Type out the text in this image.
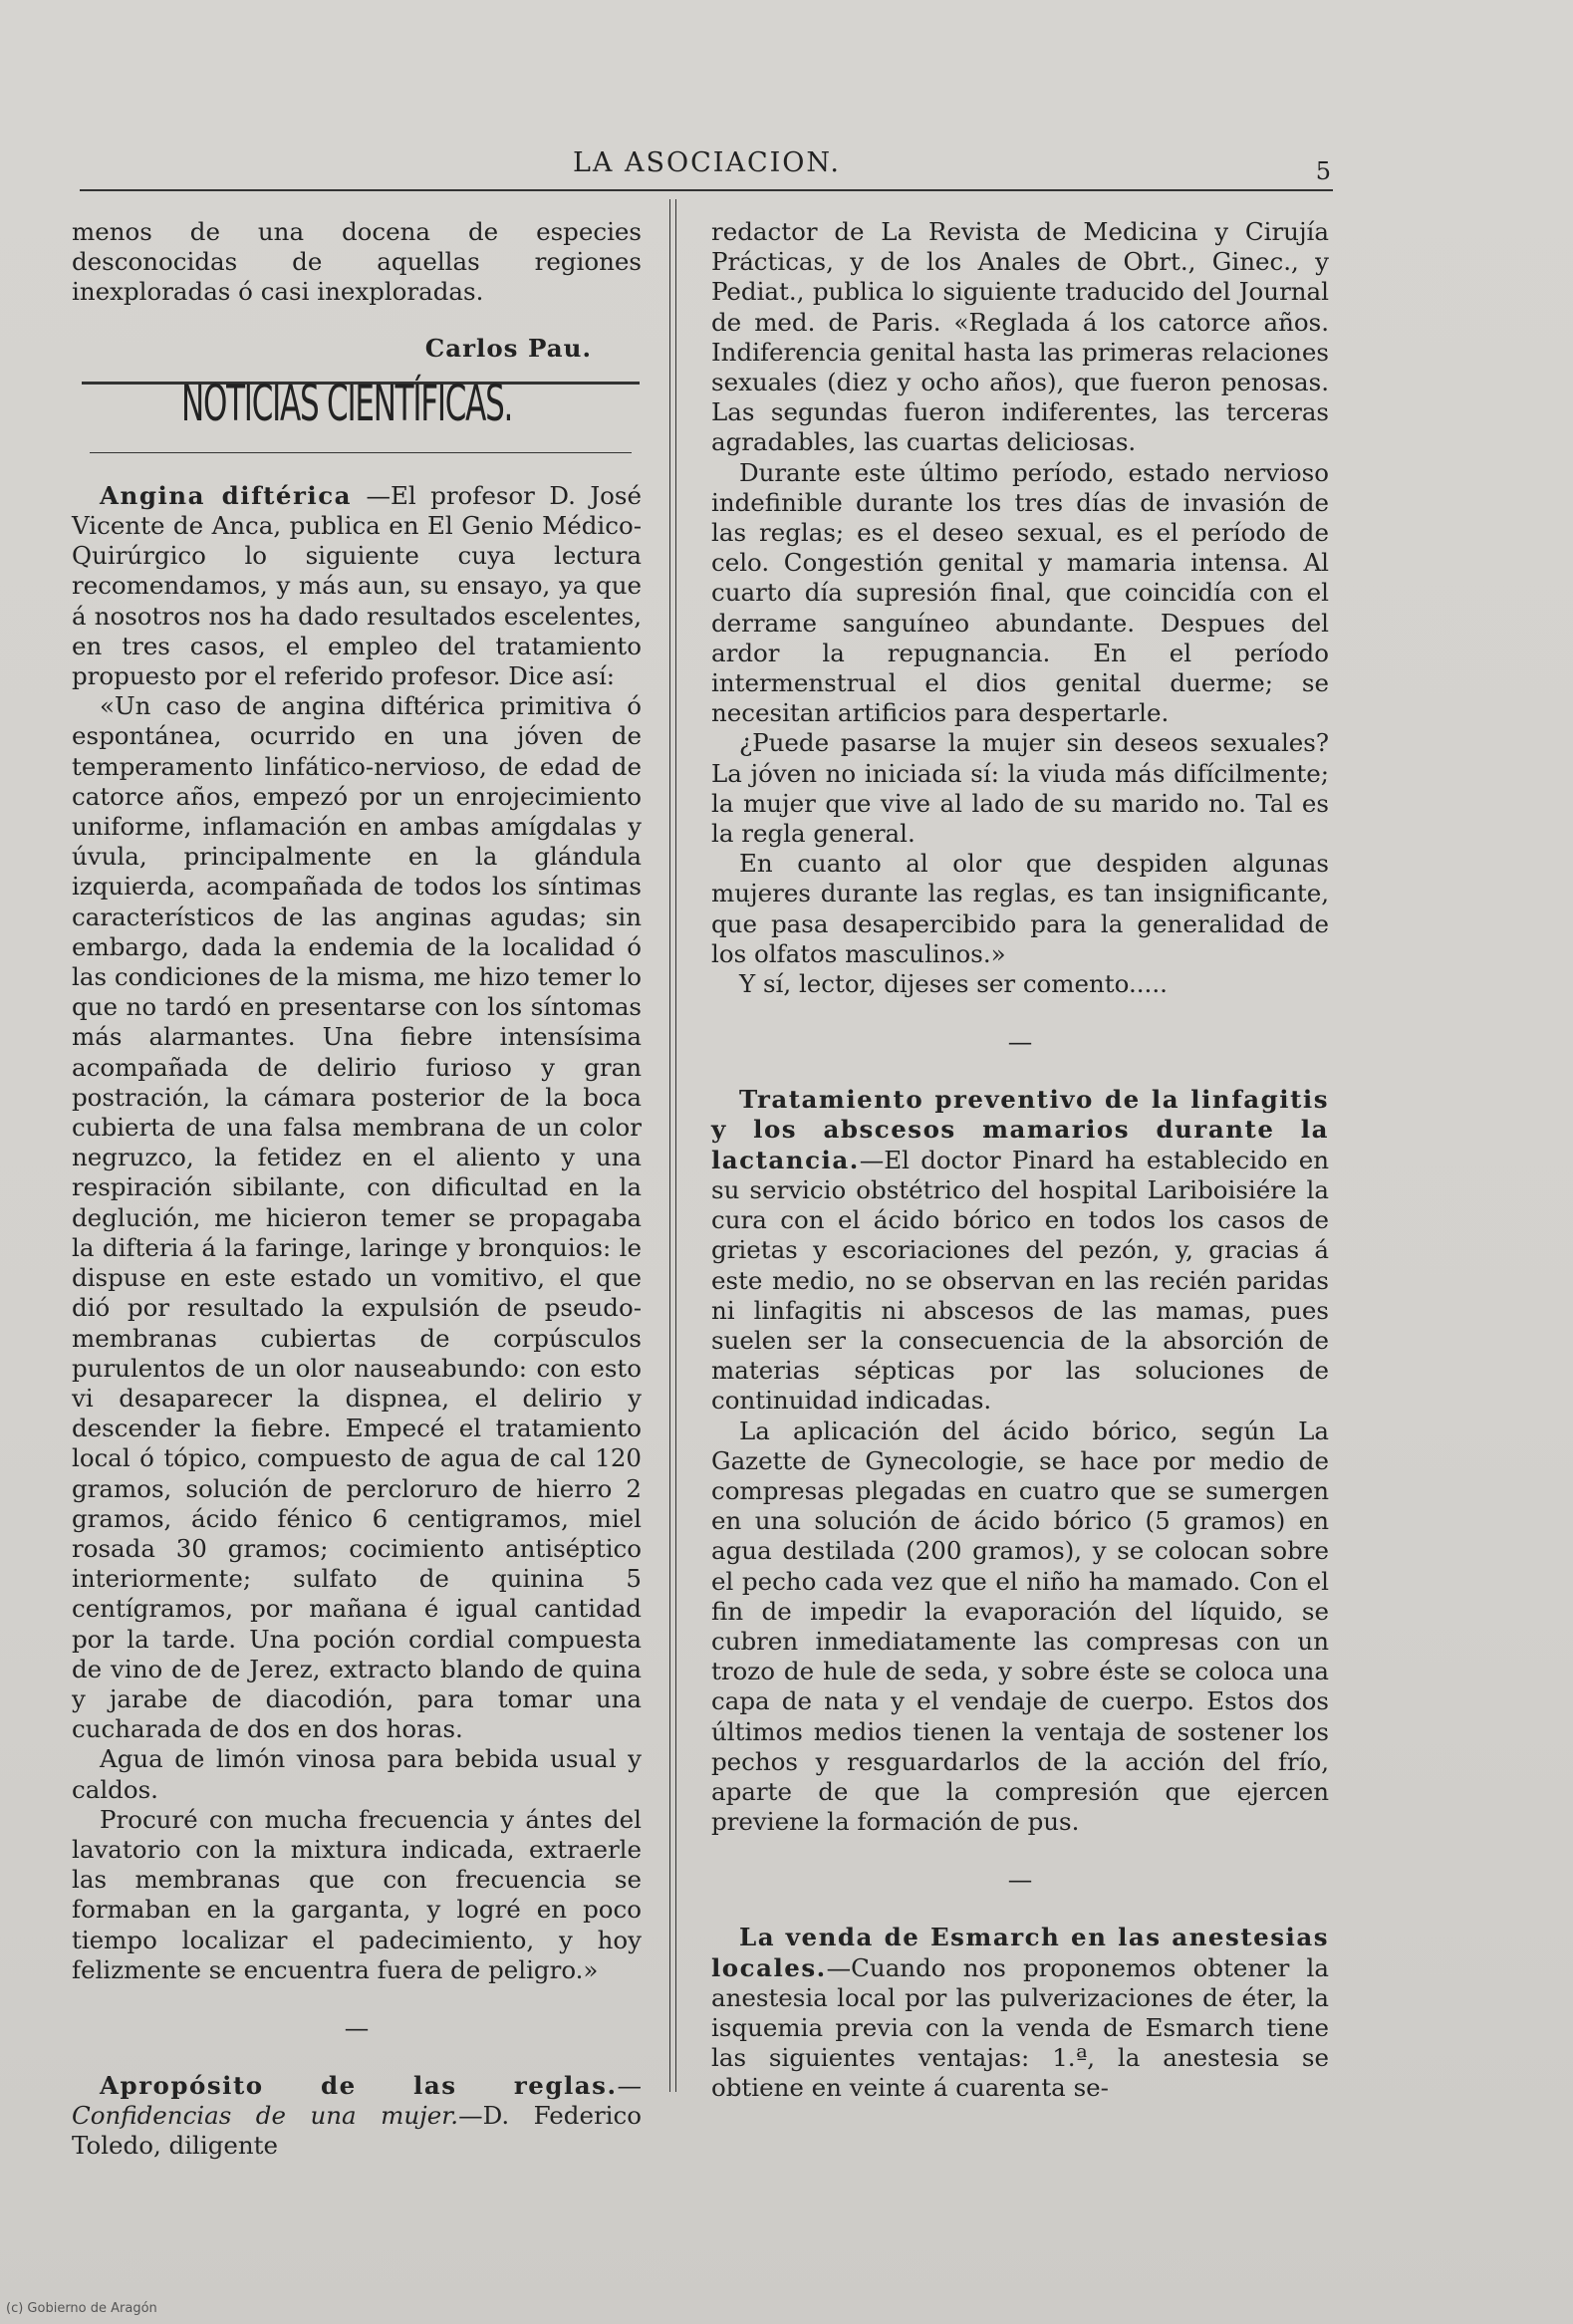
LA ASOCIACION.	5

menos de una docena de especies desconocidas de aquellas regiones inexploradas ó casi inexploradas.

Carlos Pau.
NOTICIAS CIENTÍFICAS.

Angina diftérica —El profesor D. José Vicente de Anca, publica en El Genio Médico-Quirúrgico lo siguiente cuya lectura recomendamos, y más aun, su ensayo, ya que á nosotros nos ha dado resultados escelentes, en tres casos, el empleo del tratamiento propuesto por el referido profesor. Dice así:

«Un caso de angina diftérica primitiva ó espontánea, ocurrido en una jóven de temperamento linfático-nervioso, de edad de catorce años, empezó por un enrojecimiento uniforme, inflamación en ambas amígdalas y úvula, principalmente en la glándula izquierda, acompañada de todos los síntimas característicos de las anginas agudas; sin embargo, dada la endemia de la localidad ó las condiciones de la misma, me hizo temer lo que no tardó en presentarse con los síntomas más alarmantes. Una fiebre intensísima acompañada de delirio furioso y gran postración, la cámara posterior de la boca cubierta de una falsa membrana de un color negruzco, la fetidez en el aliento y una respiración sibilante, con dificultad en la deglución, me hicieron temer se propagaba la difteria á la faringe, laringe y bronquios: le dispuse en este estado un vomitivo, el que dió por resultado la expulsión de pseudo-membranas cubiertas de corpúsculos purulentos de un olor nauseabundo: con esto vi desaparecer la dispnea, el delirio y descender la fiebre. Empecé el tratamiento local ó tópico, compuesto de agua de cal 120 gramos, solución de percloruro de hierro 2 gramos, ácido fénico 6 centigramos, miel rosada 30 gramos; cocimiento antiséptico interiormente; sulfato de quinina 5 centígramos, por mañana é igual cantidad por la tarde. Una poción cordial compuesta de vino de de Jerez, extracto blando de quina y jarabe de diacodión, para tomar una cucharada de dos en dos horas.

Agua de limón vinosa para bebida usual y caldos.

Procuré con mucha frecuencia y ántes del lavatorio con la mixtura indicada, extraerle las membranas que con frecuencia se formaban en la garganta, y logré en poco tiempo localizar el padecimiento, y hoy felizmente se encuentra fuera de peligro.»

—

Apropósito de las reglas.—Confidencias de una mujer.—D. Federico Toledo, diligente

redactor de La Revista de Medicina y Cirujía Prácticas, y de los Anales de Obrt., Ginec., y Pediat., publica lo siguiente traducido del Journal de med. de Paris. «Reglada á los catorce años. Indiferencia genital hasta las primeras relaciones sexuales (diez y ocho años), que fueron penosas. Las segundas fueron indiferentes, las terceras agradables, las cuartas deliciosas.

Durante este último período, estado nervioso indefinible durante los tres días de invasión de las reglas; es el deseo sexual, es el período de celo. Congestión genital y mamaria intensa. Al cuarto día supresión final, que coincidía con el derrame sanguíneo abundante. Despues del ardor la repugnancia. En el período intermenstrual el dios genital duerme; se necesitan artificios para despertarle.

¿Puede pasarse la mujer sin deseos sexuales? La jóven no iniciada sí: la viuda más difícilmente; la mujer que vive al lado de su marido no. Tal es la regla general.

En cuanto al olor que despiden algunas mujeres durante las reglas, es tan insignificante, que pasa desapercibido para la generalidad de los olfatos masculinos.»

Y sí, lector, dijeses ser comento.....

—

Tratamiento preventivo de la linfagitis y los abscesos mamarios durante la lactancia.—El doctor Pinard ha establecido en su servicio obstétrico del hospital Lariboisiére la cura con el ácido bórico en todos los casos de grietas y escoriaciones del pezón, y, gracias á este medio, no se observan en las recién paridas ni linfagitis ni abscesos de las mamas, pues suelen ser la consecuencia de la absorción de materias sépticas por las soluciones de continuidad indicadas.

La aplicación del ácido bórico, según La Gazette de Gynecologie, se hace por medio de compresas plegadas en cuatro que se sumergen en una solución de ácido bórico (5 gramos) en agua destilada (200 gramos), y se colocan sobre el pecho cada vez que el niño ha mamado. Con el fin de impedir la evaporación del líquido, se cubren inmediatamente las compresas con un trozo de hule de seda, y sobre éste se coloca una capa de nata y el vendaje de cuerpo. Estos dos últimos medios tienen la ventaja de sostener los pechos y resguardarlos de la acción del frío, aparte de que la compresión que ejercen previene la formación de pus.

—

La venda de Esmarch en las anestesias locales.—Cuando nos proponemos obtener la anestesia local por las pulverizaciones de éter, la isquemia previa con la venda de Esmarch tiene las siguientes ventajas: 1.ª, la anestesia se obtiene en veinte á cuarenta se-

(c) Gobierno de Aragón
